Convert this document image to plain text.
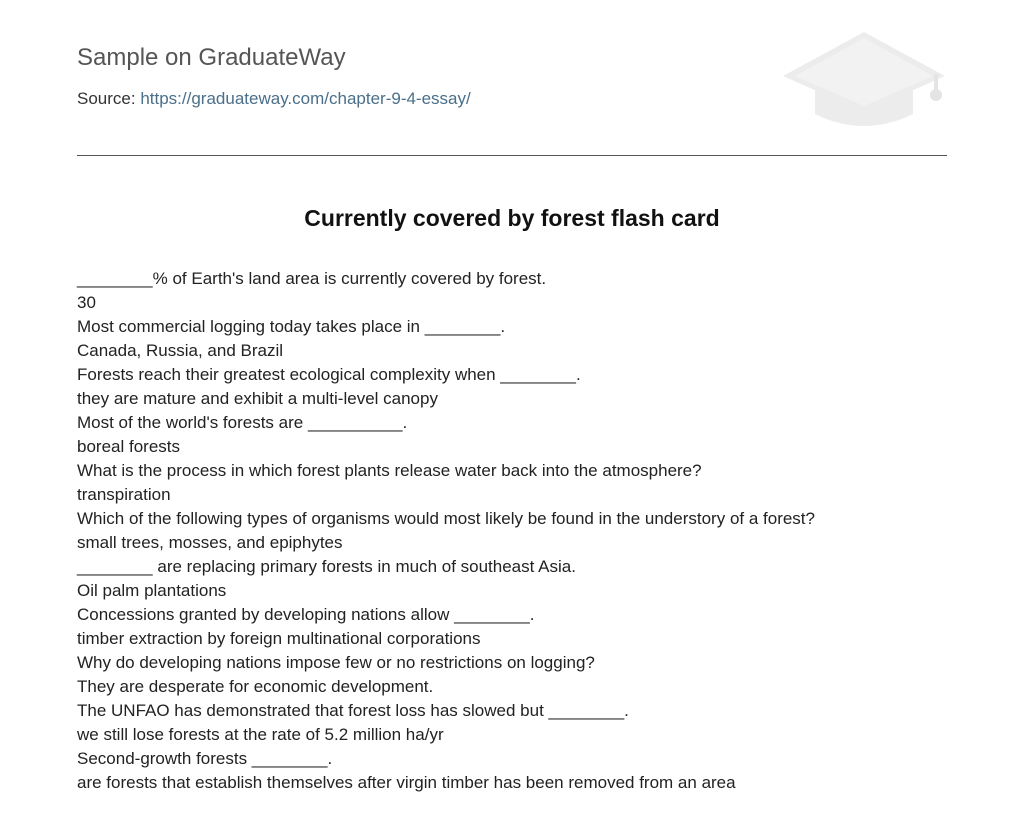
Sample on GraduateWay
Source: https://graduateway.com/chapter-9-4-essay/
Currently covered by forest flash card
________% of Earth's land area is currently covered by forest.
30
Most commercial logging today takes place in ________.
Canada, Russia, and Brazil
Forests reach their greatest ecological complexity when ________.
they are mature and exhibit a multi-level canopy
Most of the world's forests are __________.
boreal forests
What is the process in which forest plants release water back into the atmosphere?
transpiration
Which of the following types of organisms would most likely be found in the understory of a forest?
small trees, mosses, and epiphytes
________ are replacing primary forests in much of southeast Asia.
Oil palm plantations
Concessions granted by developing nations allow ________.
timber extraction by foreign multinational corporations
Why do developing nations impose few or no restrictions on logging?
They are desperate for economic development.
The UNFAO has demonstrated that forest loss has slowed but ________.
we still lose forests at the rate of 5.2 million ha/yr
Second-growth forests ________.
are forests that establish themselves after virgin timber has been removed from an area
